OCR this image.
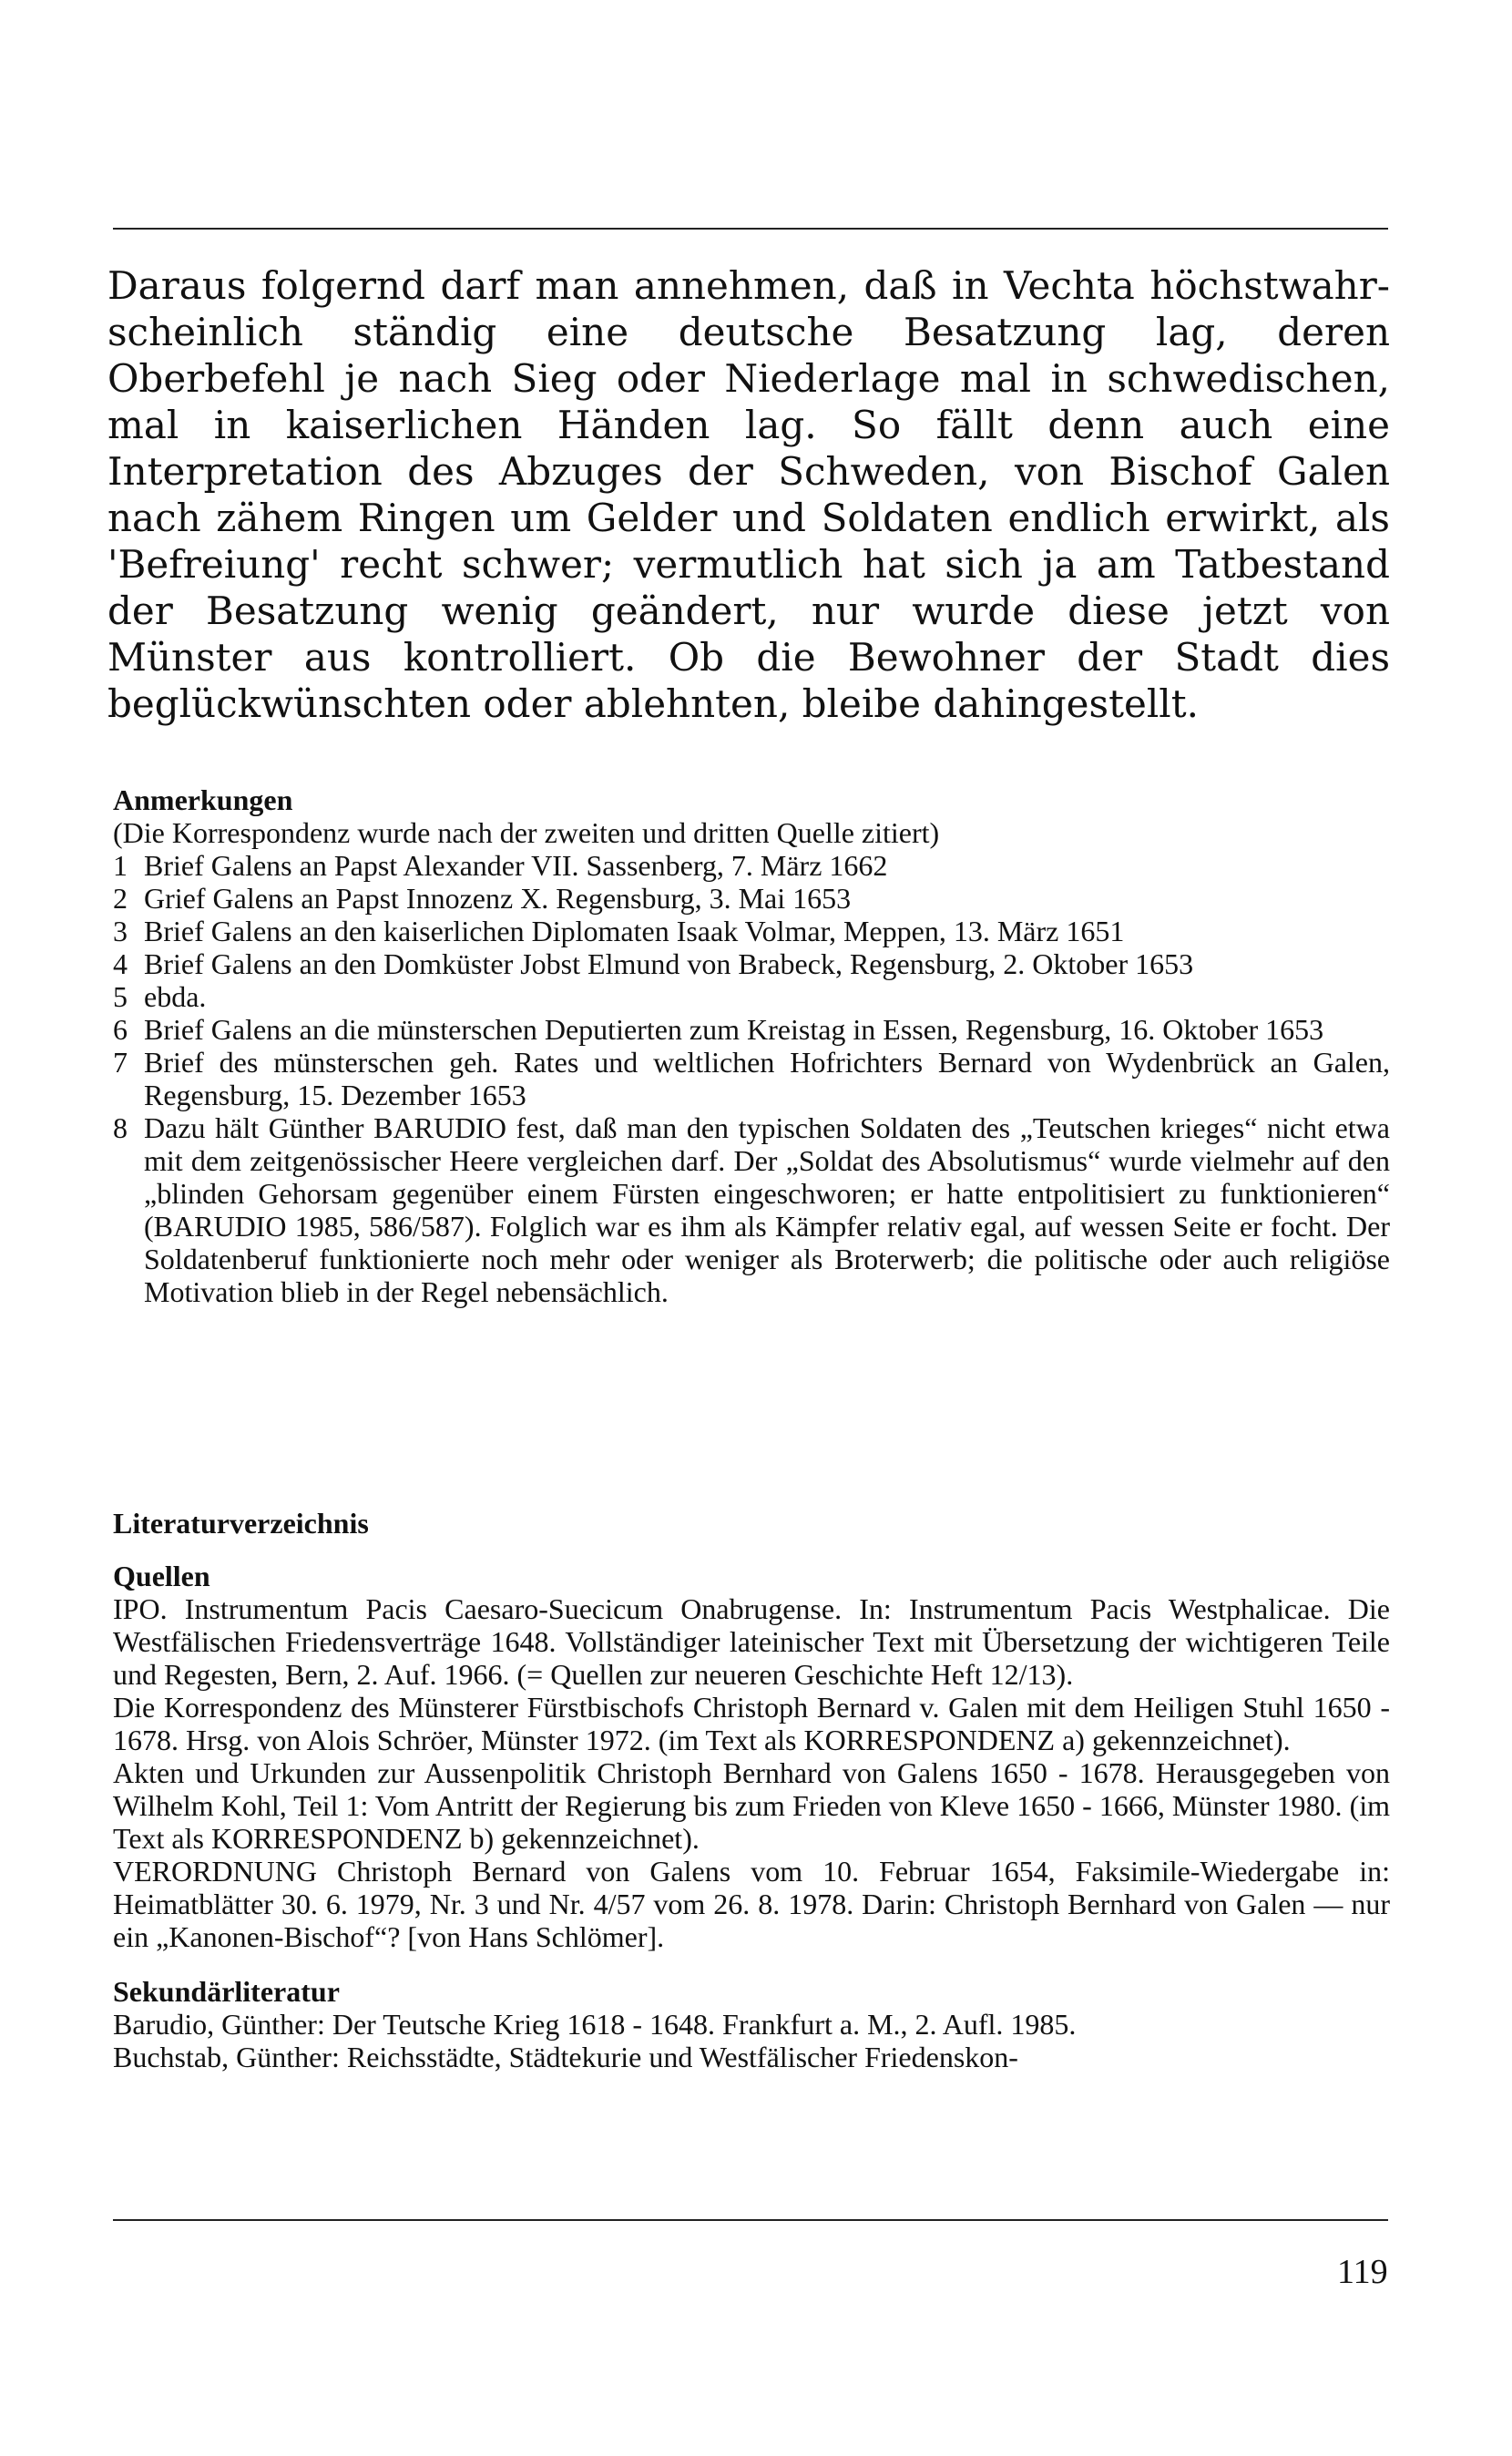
Daraus folgernd darf man annehmen, daß in Vechta höchstwahrscheinlich ständig eine deutsche Besatzung lag, deren Oberbefehl je nach Sieg oder Niederlage mal in schwedischen, mal in kaiserlichen Händen lag. So fällt denn auch eine Interpretation des Abzuges der Schweden, von Bischof Galen nach zähem Ringen um Gelder und Soldaten endlich erwirkt, als 'Befreiung' recht schwer; vermutlich hat sich ja am Tatbestand der Besatzung wenig geändert, nur wurde diese jetzt von Münster aus kontrolliert. Ob die Bewohner der Stadt dies beglückwünschten oder ablehnten, bleibe dahingestellt.

Anmerkungen

(Die Korrespondenz wurde nach der zweiten und dritten Quelle zitiert)

1 Brief Galens an Papst Alexander VII. Sassenberg, 7. März 1662
2 Grief Galens an Papst Innozenz X. Regensburg, 3. Mai 1653
3 Brief Galens an den kaiserlichen Diplomaten Isaak Volmar, Meppen, 13. März 1651
4 Brief Galens an den Domküster Jobst Elmund von Brabeck, Regensburg, 2. Oktober 1653
5 ebda.
6 Brief Galens an die münsterschen Deputierten zum Kreistag in Essen, Regensburg, 16. Oktober 1653
7 Brief des münsterschen geh. Rates und weltlichen Hofrichters Bernard von Wydenbrück an Galen, Regensburg, 15. Dezember 1653
8 Dazu hält Günther BARUDIO fest, daß man den typischen Soldaten des „Teutschen krieges“ nicht etwa mit dem zeitgenössischer Heere vergleichen darf. Der „Soldat des Absolutismus“ wurde vielmehr auf den „blinden Gehorsam gegenüber einem Fürsten eingeschworen; er hatte entpolitisiert zu funktionieren“ (BARUDIO 1985, 586/587). Folglich war es ihm als Kämpfer relativ egal, auf wessen Seite er focht. Der Soldatenberuf funktionierte noch mehr oder weniger als Broterwerb; die politische oder auch religiöse Motivation blieb in der Regel nebensächlich.
Literaturverzeichnis
Quellen

IPO. Instrumentum Pacis Caesaro-Suecicum Onabrugense. In: Instrumentum Pacis Westphalicae. Die Westfälischen Friedensverträge 1648. Vollständiger lateinischer Text mit Übersetzung der wichtigeren Teile und Regesten, Bern, 2. Auf. 1966. (= Quellen zur neueren Geschichte Heft 12/13).

Die Korrespondenz des Münsterer Fürstbischofs Christoph Bernard v. Galen mit dem Heiligen Stuhl 1650 - 1678. Hrsg. von Alois Schröer, Münster 1972. (im Text als KORRESPONDENZ a) gekennzeichnet).

Akten und Urkunden zur Aussenpolitik Christoph Bernhard von Galens 1650 - 1678. Herausgegeben von Wilhelm Kohl, Teil 1: Vom Antritt der Regierung bis zum Frieden von Kleve 1650 - 1666, Münster 1980. (im Text als KORRESPONDENZ b) gekennzeichnet).

VERORDNUNG Christoph Bernard von Galens vom 10. Februar 1654, Faksimile-Wiedergabe in: Heimatblätter 30. 6. 1979, Nr. 3 und Nr. 4/57 vom 26. 8. 1978. Darin: Christoph Bernhard von Galen — nur ein „Kanonen-Bischof“? [von Hans Schlömer].

Sekundärliteratur

Barudio, Günther: Der Teutsche Krieg 1618 - 1648. Frankfurt a. M., 2. Aufl. 1985.

Buchstab, Günther: Reichsstädte, Städtekurie und Westfälischer Friedenskon-

119
